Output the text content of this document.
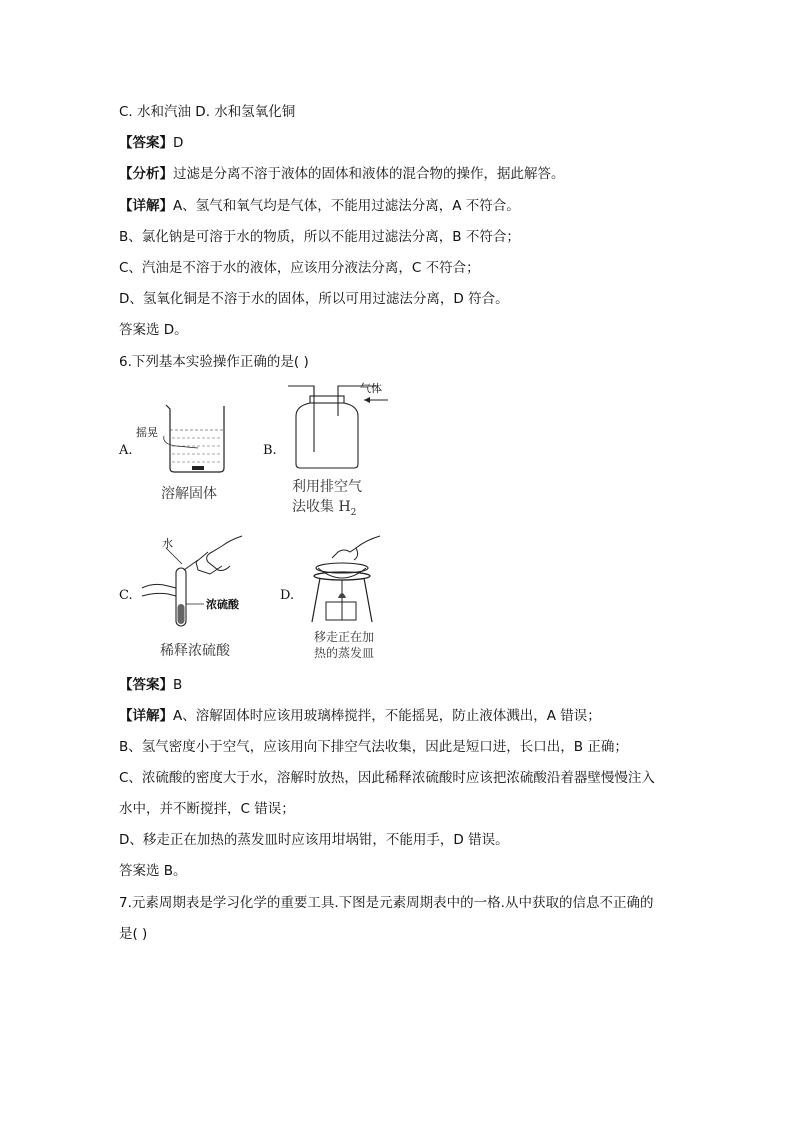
C. 水和汽油 D. 水和氢氧化铜
【答案】D
【分析】过滤是分离不溶于液体的固体和液体的混合物的操作，据此解答。
【详解】A、氢气和氧气均是气体，不能用过滤法分离，A 不符合。
B、氯化钠是可溶于水的物质，所以不能用过滤法分离，B 不符合；
C、汽油是不溶于水的液体，应该用分液法分离，C 不符合；
D、氢氧化铜是不溶于水的固体，所以可用过滤法分离，D 符合。
答案选 D。
6.下列基本实验操作正确的是( )
A.
摇晃
溶解固体
B.
气体
利用排空气
法收集 $H_2$
C.
水
浓硫酸
稀释浓硫酸
D.
移走正在加
热的蒸发皿
【答案】B
【详解】A、溶解固体时应该用玻璃棒搅拌，不能摇晃，防止液体溅出，A 错误；
B、氢气密度小于空气，应该用向下排空气法收集，因此是短口进，长口出，B 正确；
C、浓硫酸的密度大于水，溶解时放热，因此稀释浓硫酸时应该把浓硫酸沿着器壁慢慢注入
水中，并不断搅拌，C 错误；
D、移走正在加热的蒸发皿时应该用坩埚钳，不能用手，D 错误。
答案选 B。
7.元素周期表是学习化学的重要工具.下图是元素周期表中的一格.从中获取的信息不正确的
是( )
